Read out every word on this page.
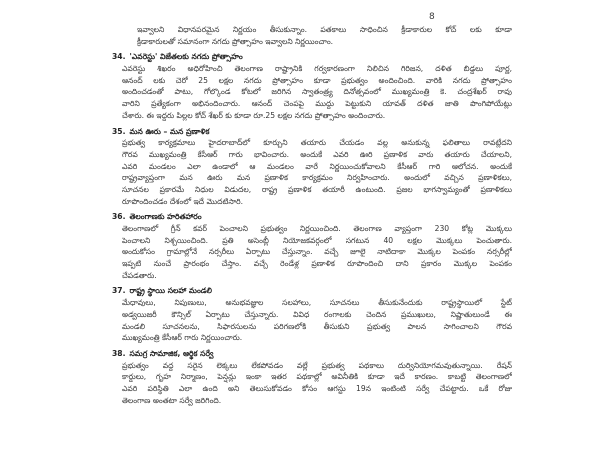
8
ఇవ్వాలని విధానపరమైన నిర్ణయం తీసుకున్నాం. పతకాలు సాధించిన క్రీడాకారుల కోచ్ లకు కూడా
క్రీడాకారులతో సమానంగా నగదు ప్రోత్సాహం ఇవ్వాలని నిర్ణయించాం.
34. 'ఎవరెస్టు' విజేతలకు నగదు ప్రోత్సాహం
ఎవరెస్టు శిఖరం అధిరోహించి తెలంగాణ రాష్ట్రానికి గర్వకారణంగా నిలిచిన గిరిజన, దళిత బిడ్డలు పూర్ణ,
ఆనంద్ లకు చెరో 25 లక్షల నగదు ప్రోత్సాహం కూడా ప్రభుత్వం అందించింది. వారికి నగదు ప్రోత్సాహం
అందించడంతో పాటు, గోల్కొండ కోటలో జరిగిన స్వాతంత్ర్య దినోత్సవంలో ముఖ్యమంత్రి కె. చంద్రశేఖర్ రావు
వారిని ప్రత్యేకంగా అభినందించారు. ఆనంద్ చెంపపై ముద్దు పెట్టుకుని యావత్ దళిత జాతి పొంగిపోయేట్లు
చేశారు. ఈ ఇద్దరు పిల్లల కోచ్ శేఖర్ కు కూడా రూ.25 లక్షల నగదు ప్రోత్సాహం అందించారు.
35. మన ఊరు – మన ప్రణాళిక
ప్రభుత్వ కార్యక్రమాలు హైదరాబాద్‌లో కూర్చుని తయారు చేయడం వల్ల అనుకున్న ఫలితాలు రావట్లేదని
గౌరవ ముఖ్యమంత్రి కేసీఆర్ గారు భావించారు. అందుకే ఎవరి ఊరి ప్రణాళిక వారు తయారు చేయాలని,
ఎవరి మండలం ఎలా ఉండాలో ఆ మండలం వారే నిర్ణయించుకోవాలని కేసీఆర్ గారి ఆలోచన. అందుకే
రాష్ట్రవ్యాప్తంగా మన ఊరు మన ప్రణాళిక కార్యక్రమం నిర్వహించారు. అందులో వచ్చిన ప్రణాళికలు,
సూచనల ప్రకారమే నిధుల విడుదల, రాష్ట్ర ప్రణాళిక తయారీ ఉంటుంది. ప్రజల భాగస్వామ్యంతో ప్రణాళికలు
రూపొందించడం దేశంలో ఇదే మొదటిసారి.
36. తెలంగాణకు హరితహారం
తెలంగాణలో గ్రీన్ కవర్ పెంచాలని ప్రభుత్వం నిర్ణయించింది. తెలంగాణ వ్యాప్తంగా 230 కోట్ల మొక్కలు
పెంచాలని నిశ్చయించింది. ప్రతి అసెంబ్లీ నియోజకవర్గంలో సగటున 40 లక్షల మొక్కలు పెంచుతారు.
అందుకోసం గ్రామాల్లోనే నర్సరీలు ఏర్పాటు చేస్తున్నాం. వచ్చే జూలై నాటిదాకా మొక్కల పెంపకం నర్సరీల్లో
ఇప్పటి నుంచే ప్రారంభం చేస్తాం. వచ్చే రెండేళ్ల ప్రణాళిక రూపొందించి దాని ప్రకారం మొక్కల పెంపకం
చేపడతారు.
37. రాష్ట్ర స్థాయి సలహా మండలి
మేధావులు, నిపుణులు, అనుభవజ్ఞుల సలహాలు, సూచనలు తీసుకునేందుకు రాష్ట్రస్థాయిలో స్టేట్
అడ్వయిజరీ కౌన్సిల్ ఏర్పాటు చేస్తున్నారు. వివిధ రంగాలకు చెందిన ప్రముఖులు, నిష్ణాతులుండే ఈ
మండలి సూచనలను, సిఫారసులను పరిగణలోకి తీసుకుని ప్రభుత్వ పాలన సాగించాలని గౌరవ
ముఖ్యమంత్రి కేసీఆర్ గారు నిర్ణయించారు.
38. సమగ్ర సామాజిక, ఆర్థిక సర్వే
ప్రభుత్వం వద్ద సరైన లెక్కలు లేకపోవడం వల్లే ప్రభుత్వ పథకాలు దుర్వినియోగమవుతున్నాయి. రేషన్
కార్డులు, గృహ నిర్మాణం, పెన్షన్లు ఇంకా ఇతర పథకాల్లో అవినీతికి కూడా ఇదే కారణం. కాబట్టి తెలంగాణలో
ఎవరి పరిస్థితి ఎలా ఉంది అని తెలుసుకోవడం కోసం ఆగస్టు 19న ఇంటింటి సర్వే చేపట్టారు. ఒకే రోజు
తెలంగాణ అంతటా సర్వే జరిగింది.
